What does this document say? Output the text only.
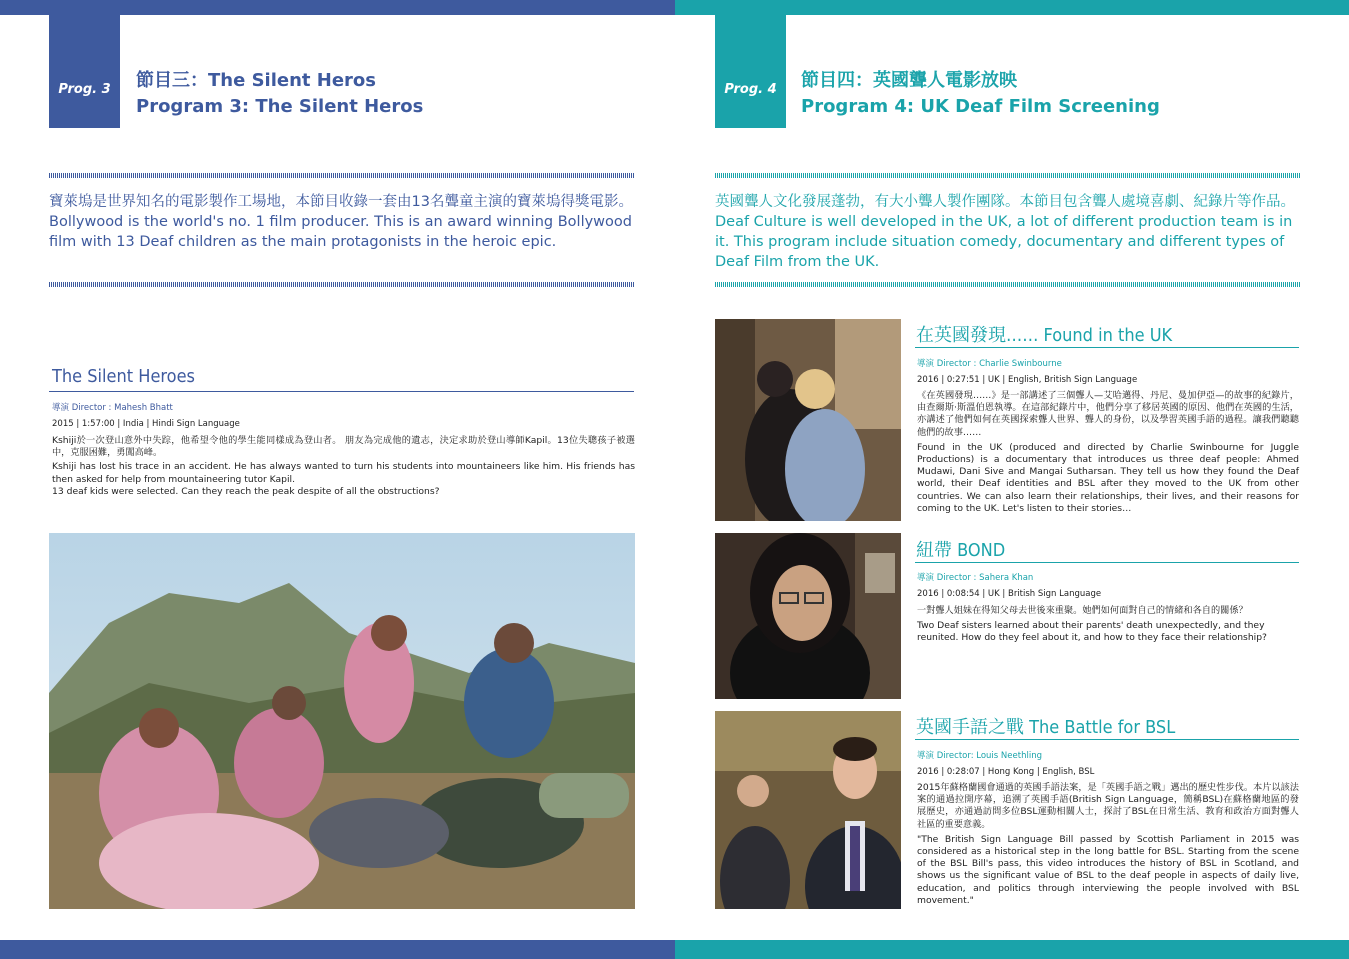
Prog. 3 節目三：The Silent Heros
Program 3: The Silent Heros
寶萊塢是世界知名的電影製作工場地，本節目收錄一套由13名聾童主演的寶萊塢得獎電影。
Bollywood is the world's no. 1 film producer. This is an award winning Bollywood film with 13 Deaf children as the main protagonists in the heroic epic.
The Silent Heroes
導演 Director : Mahesh Bhatt
2015 | 1:57:00 | India | Hindi Sign Language
Kshiji於一次登山意外中失踪，他希望令他的學生能同樣成為登山者。 朋友為完成他的遺志，決定求助於登山導師Kapil。13位失聰孩子被選中，克服困難，勇闖高峰。
Kshiji has lost his trace in an accident. He has always wanted to turn his students into mountaineers like him. His friends has then asked for help from mountaineering tutor Kapil.
13 deaf kids were selected. Can they reach the peak despite of all the obstructions?
Prog. 4 節目四：英國聾人電影放映
Program 4: UK Deaf Film Screening
英國聾人文化發展蓬勃，有大小聾人製作團隊。本節目包含聾人處境喜劇、紀錄片等作品。
Deaf Culture is well developed in the UK, a lot of different production team is in it. This program include situation comedy, documentary and different types of Deaf Film from the UK.
在英國發現…… Found in the UK
導演 Director : Charlie Swinbourne
2016 | 0:27:51 | UK | English, British Sign Language
《在英國發現……》是一部講述了三個聾人—艾哈邁得、丹尼、曼加伊亞—的故事的紀錄片，由查爾斯‧斯溫伯恩執導。在這部紀錄片中，他們分享了移居英國的原因、他們在英國的生活，亦講述了他們如何在英國探索聾人世界、聾人的身份，以及學習英國手語的過程。讓我們聽聽他們的故事……
Found in the UK (produced and directed by Charlie Swinbourne for Juggle Productions) is a documentary that introduces us three deaf people: Ahmed Mudawi, Dani Sive and Mangai Sutharsan. They tell us how they found the Deaf world, their Deaf identities and BSL after they moved to the UK from other countries. We can also learn their relationships, their lives, and their reasons for coming to the UK. Let's listen to their stories…
紐帶 BOND
導演 Director : Sahera Khan
2016 | 0:08:54 | UK | British Sign Language
一對聾人姐妹在得知父母去世後來重聚。她們如何面對自己的情緒和各自的關係？
Two Deaf sisters learned about their parents' death unexpectedly, and they reunited. How do they feel about it, and how to they face their relationship?
英國手語之戰 The Battle for BSL
導演 Director: Louis Neethling
2016 | 0:28:07 | Hong Kong | English, BSL
2015年蘇格蘭國會通過的英國手語法案，是「英國手語之戰」邁出的歷史性步伐。本片以該法案的通過拉開序幕，追溯了英國手語(British Sign Language，簡稱BSL)在蘇格蘭地區的發展歷史，亦通過訪問多位BSL運動相關人士，探討了BSL在日常生活、教育和政治方面對聾人社區的重要意義。
"The British Sign Language Bill passed by Scottish Parliament in 2015 was considered as a historical step in the long battle for BSL. Starting from the scene of the BSL Bill's pass, this video introduces the history of BSL in Scotland, and shows us the significant value of BSL to the deaf people in aspects of daily live, education, and politics through interviewing the people involved with BSL movement."
